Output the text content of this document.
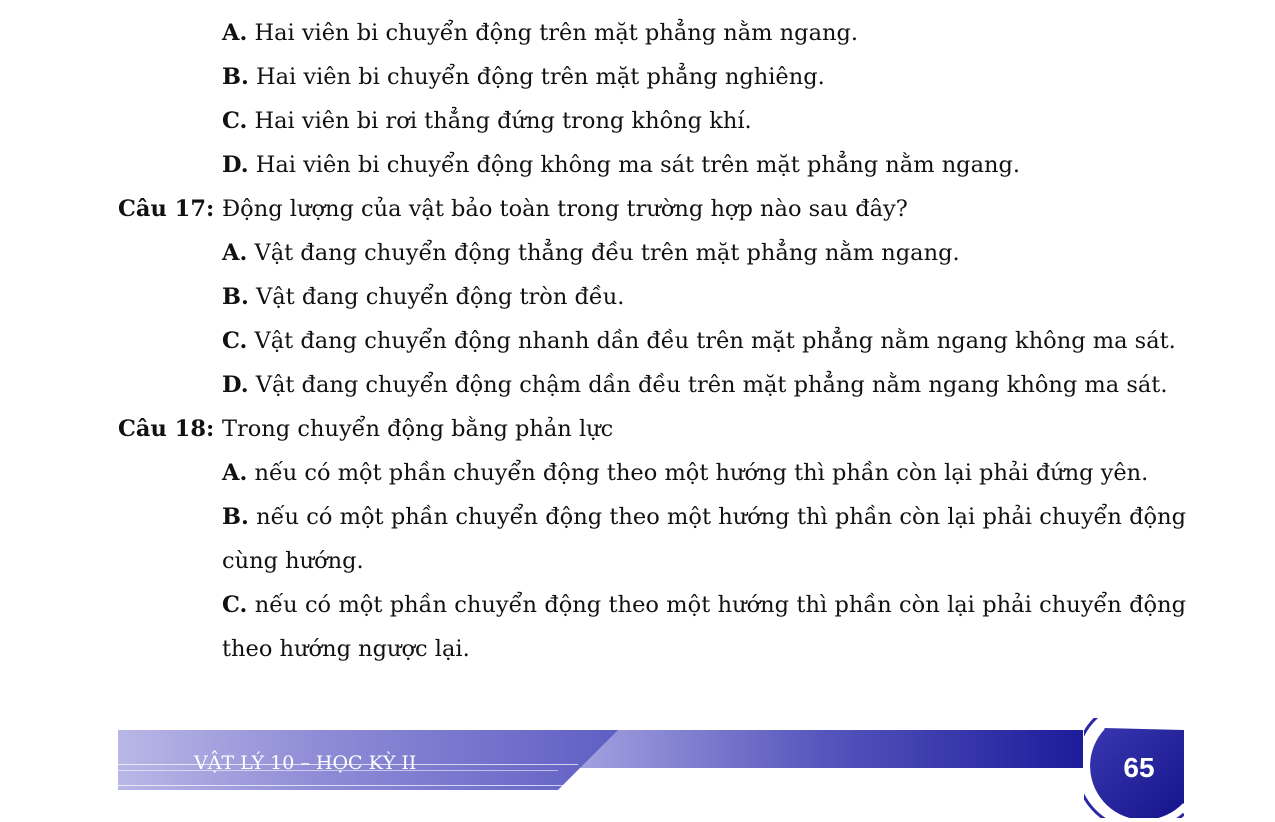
A. Hai viên bi chuyển động trên mặt phẳng nằm ngang.
B. Hai viên bi chuyển động trên mặt phẳng nghiêng.
C. Hai viên bi rơi thẳng đứng trong không khí.
D. Hai viên bi chuyển động không ma sát trên mặt phẳng nằm ngang.
Câu 17: Động lượng của vật bảo toàn trong trường hợp nào sau đây?
A. Vật đang chuyển động thẳng đều trên mặt phẳng nằm ngang.
B. Vật đang chuyển động tròn đều.
C. Vật đang chuyển động nhanh dần đều trên mặt phẳng nằm ngang không ma sát.
D. Vật đang chuyển động chậm dần đều trên mặt phẳng nằm ngang không ma sát.
Câu 18: Trong chuyển động bằng phản lực
A. nếu có một phần chuyển động theo một hướng thì phần còn lại phải đứng yên.
B. nếu có một phần chuyển động theo một hướng thì phần còn lại phải chuyển động
cùng hướng.
C. nếu có một phần chuyển động theo một hướng thì phần còn lại phải chuyển động
theo hướng ngược lại.
VẬT LÝ 10 – HỌC KỲ II	65
